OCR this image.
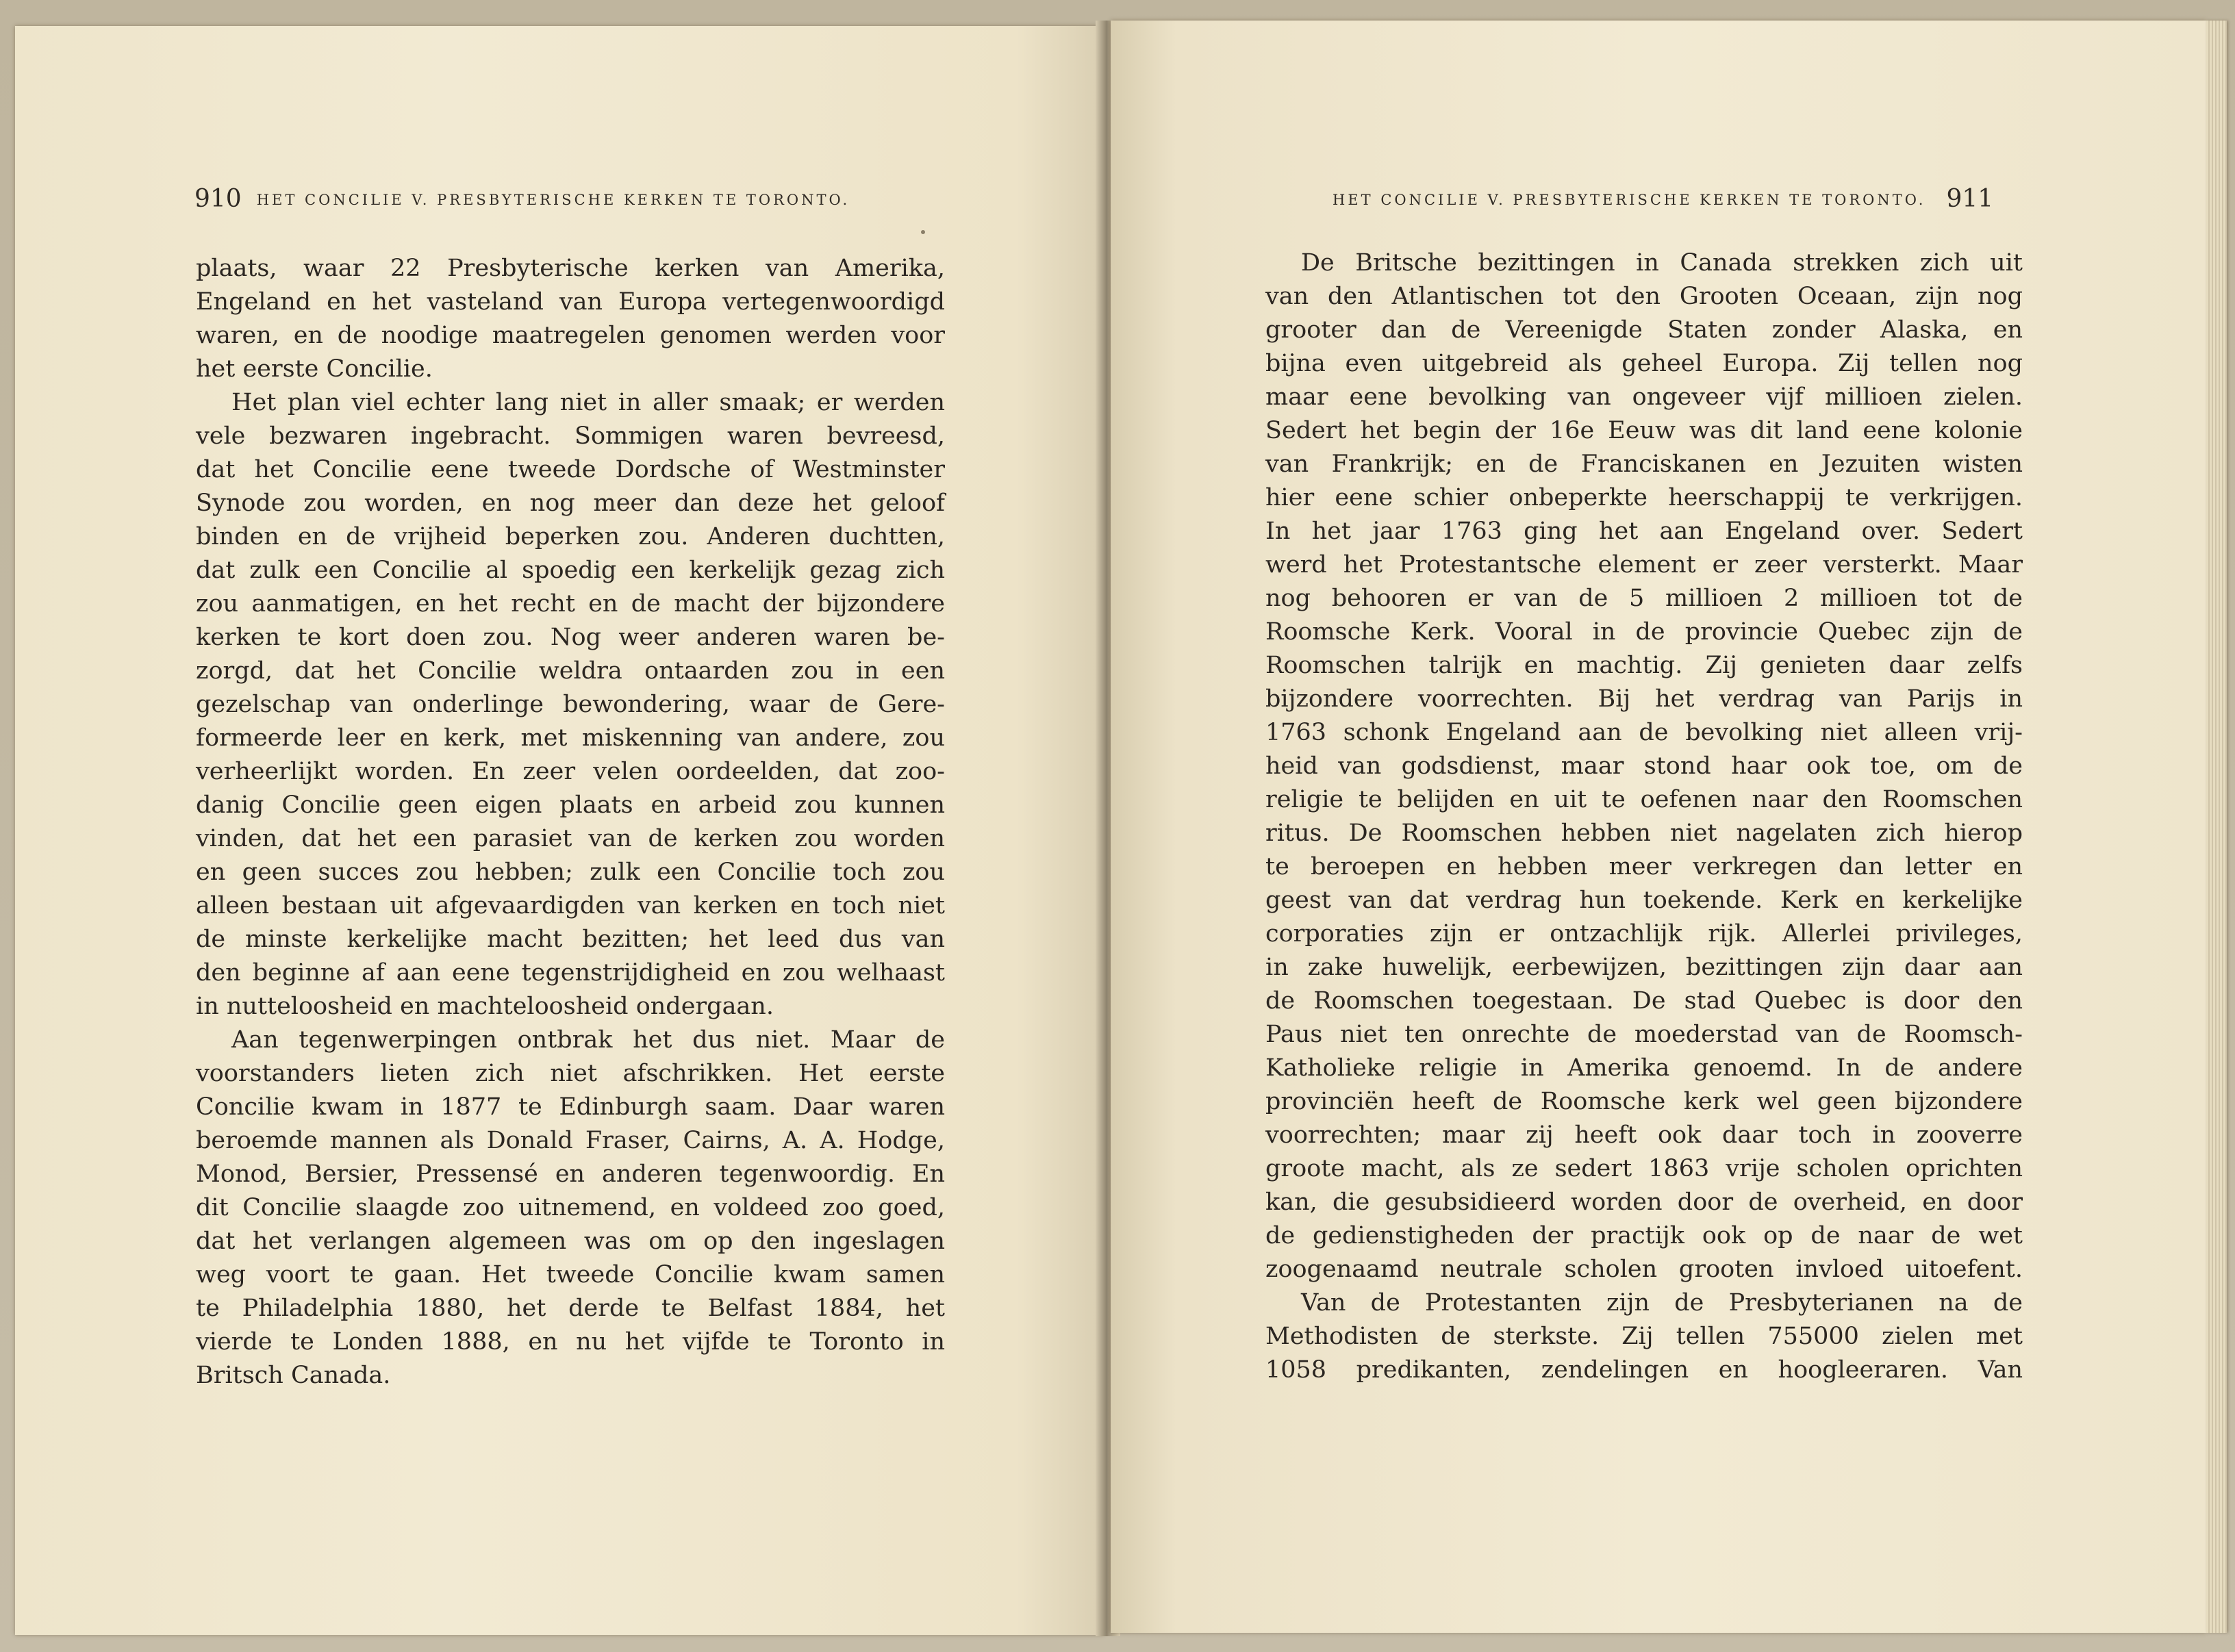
910 HET CONCILIE V. PRESBYTERISCHE KERKEN TE TORONTO.	HET CONCILIE V. PRESBYTERISCHE KERKEN TE TORONTO. 911
plaats, waar 22 Presbyterische kerken van Amerika,
Engeland en het vasteland van Europa vertegenwoordigd
waren, en de noodige maatregelen genomen werden voor
het eerste Concilie.
Het plan viel echter lang niet in aller smaak; er werden
vele bezwaren ingebracht. Sommigen waren bevreesd,
dat het Concilie eene tweede Dordsche of Westminster
Synode zou worden, en nog meer dan deze het geloof
binden en de vrijheid beperken zou. Anderen duchtten,
dat zulk een Concilie al spoedig een kerkelijk gezag zich
zou aanmatigen, en het recht en de macht der bijzondere
kerken te kort doen zou. Nog weer anderen waren be-
zorgd, dat het Concilie weldra ontaarden zou in een
gezelschap van onderlinge bewondering, waar de Gere-
formeerde leer en kerk, met miskenning van andere, zou
verheerlijkt worden. En zeer velen oordeelden, dat zoo-
danig Concilie geen eigen plaats en arbeid zou kunnen
vinden, dat het een parasiet van de kerken zou worden
en geen succes zou hebben; zulk een Concilie toch zou
alleen bestaan uit afgevaardigden van kerken en toch niet
de minste kerkelijke macht bezitten; het leed dus van
den beginne af aan eene tegenstrijdigheid en zou welhaast
in nutteloosheid en machteloosheid ondergaan.
Aan tegenwerpingen ontbrak het dus niet. Maar de
voorstanders lieten zich niet afschrikken. Het eerste
Concilie kwam in 1877 te Edinburgh saam. Daar waren
beroemde mannen als Donald Fraser, Cairns, A. A. Hodge,
Monod, Bersier, Pressensé en anderen tegenwoordig. En
dit Concilie slaagde zoo uitnemend, en voldeed zoo goed,
dat het verlangen algemeen was om op den ingeslagen
weg voort te gaan. Het tweede Concilie kwam samen
te Philadelphia 1880, het derde te Belfast 1884, het
vierde te Londen 1888, en nu het vijfde te Toronto in
Britsch Canada.
De Britsche bezittingen in Canada strekken zich uit
van den Atlantischen tot den Grooten Oceaan, zijn nog
grooter dan de Vereenigde Staten zonder Alaska, en
bijna even uitgebreid als geheel Europa. Zij tellen nog
maar eene bevolking van ongeveer vijf millioen zielen.
Sedert het begin der 16e Eeuw was dit land eene kolonie
van Frankrijk; en de Franciskanen en Jezuiten wisten
hier eene schier onbeperkte heerschappij te verkrijgen.
In het jaar 1763 ging het aan Engeland over. Sedert
werd het Protestantsche element er zeer versterkt. Maar
nog behooren er van de 5 millioen 2 millioen tot de
Roomsche Kerk. Vooral in de provincie Quebec zijn de
Roomschen talrijk en machtig. Zij genieten daar zelfs
bijzondere voorrechten. Bij het verdrag van Parijs in
1763 schonk Engeland aan de bevolking niet alleen vrij-
heid van godsdienst, maar stond haar ook toe, om de
religie te belijden en uit te oefenen naar den Roomschen
ritus. De Roomschen hebben niet nagelaten zich hierop
te beroepen en hebben meer verkregen dan letter en
geest van dat verdrag hun toekende. Kerk en kerkelijke
corporaties zijn er ontzachlijk rijk. Allerlei privileges,
in zake huwelijk, eerbewijzen, bezittingen zijn daar aan
de Roomschen toegestaan. De stad Quebec is door den
Paus niet ten onrechte de moederstad van de Roomsch-
Katholieke religie in Amerika genoemd. In de andere
provinciën heeft de Roomsche kerk wel geen bijzondere
voorrechten; maar zij heeft ook daar toch in zooverre
groote macht, als ze sedert 1863 vrije scholen oprichten
kan, die gesubsidieerd worden door de overheid, en door
de gedienstigheden der practijk ook op de naar de wet
zoogenaamd neutrale scholen grooten invloed uitoefent.
Van de Protestanten zijn de Presbyterianen na de
Methodisten de sterkste. Zij tellen 755000 zielen met
1058 predikanten, zendelingen en hoogleeraren. Van
